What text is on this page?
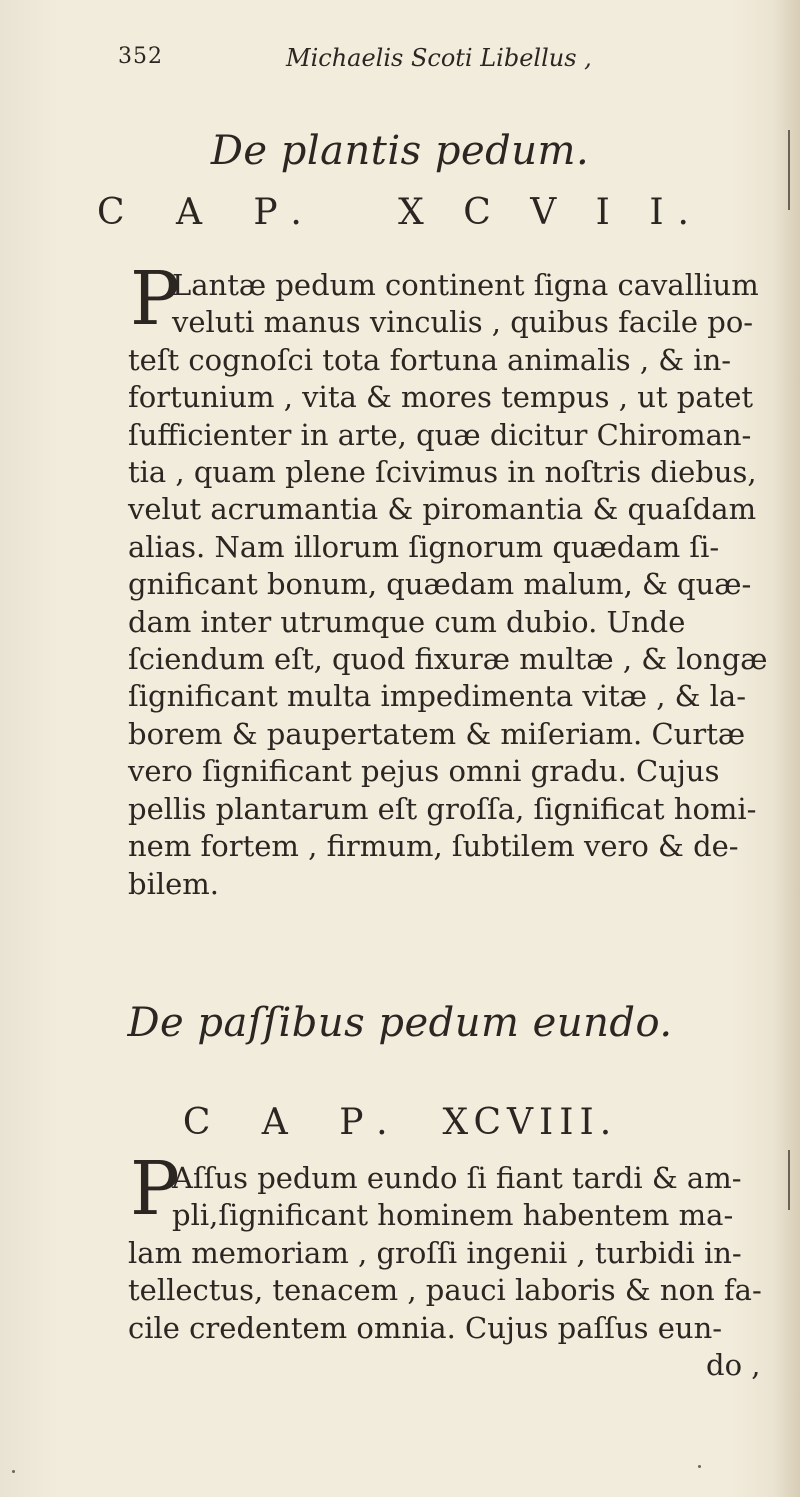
352	Michaelis Scoti Libellus ,
De plantis pedum.
C A P. X C V I I.
P
Lantæ pedum continent ſigna cavallium
veluti manus vinculis , quibus facile po-
teſt cognoſci tota fortuna animalis , & in-
fortunium , vita & mores tempus , ut patet
ſufficienter in arte, quæ dicitur Chiroman-
tia , quam plene ſcivimus in noſtris diebus,
velut acrumantia & piromantia & quaſdam
alias. Nam illorum ſignorum quædam ſi-
gnificant bonum, quædam malum, & quæ-
dam inter utrumque cum dubio. Unde
ſciendum eſt, quod fixuræ multæ , & longæ
ſignificant multa impedimenta vitæ , & la-
borem & paupertatem & miſeriam. Curtæ
vero ſignificant pejus omni gradu. Cujus
pellis plantarum eſt groſſa, ſignificat homi-
nem fortem , firmum, ſubtilem vero & de-
bilem.
De paſſibus pedum eundo.
C A P. XCVIII.
P
Aſſus pedum eundo ſi fiant tardi & am-
pli,ſignificant hominem habentem ma-
lam memoriam , groſſi ingenii , turbidi in-
tellectus, tenacem , pauci laboris & non fa-
cile credentem omnia. Cujus paſſus eun-
do ,
